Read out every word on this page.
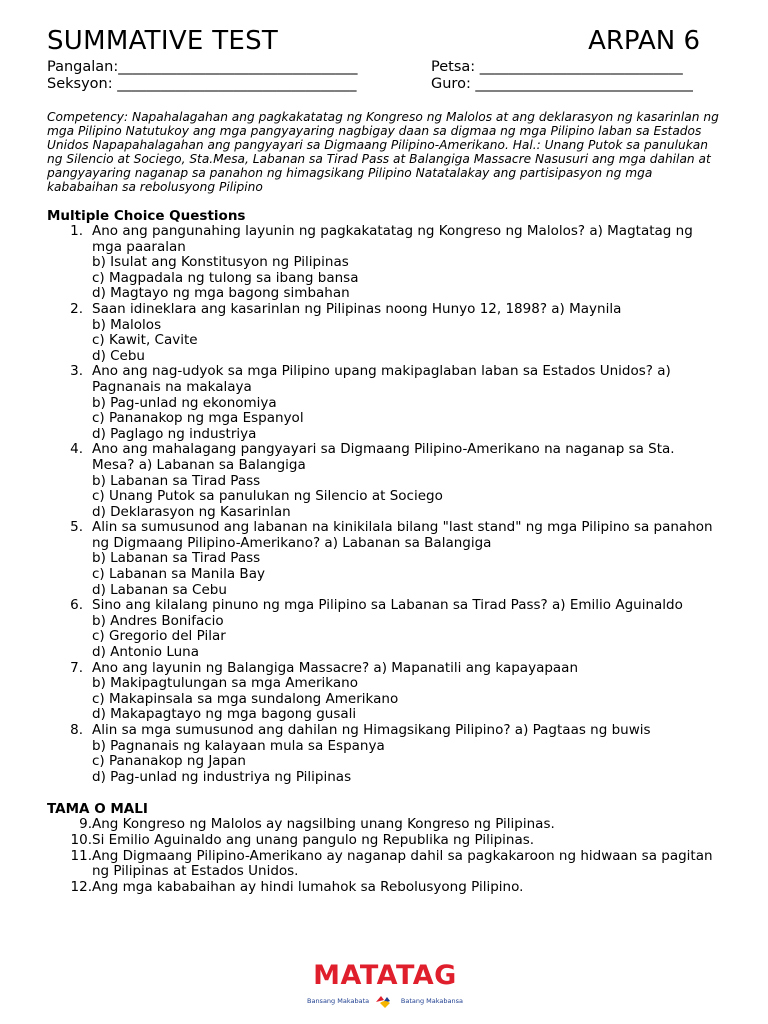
SUMMATIVE TEST	ARPAN 6
Pangalan:_________________________________	Petsa: ____________________________
Seksyon: _________________________________	Guro: ______________________________
Competency: Napahalagahan ang pagkakatatag ng Kongreso ng Malolos at ang deklarasyon ng kasarinlan ng mga Pilipino Natutukoy ang mga pangyayaring nagbigay daan sa digmaa ng mga Pilipino laban sa Estados Unidos Napapahalagahan ang pangyayari sa Digmaang Pilipino-Amerikano. Hal.: Unang Putok sa panulukan ng Silencio at Sociego, Sta.Mesa, Labanan sa Tirad Pass at Balangiga Massacre Nasusuri ang mga dahilan at pangyayaring naganap sa panahon ng himagsikang Pilipino Natatalakay ang partisipasyon ng mga kababaihan sa rebolusyong Pilipino
Multiple Choice Questions
1. Ano ang pangunahing layunin ng pagkakatatag ng Kongreso ng Malolos? a) Magtatag ng mga paaralan
b) Isulat ang Konstitusyon ng Pilipinas
c) Magpadala ng tulong sa ibang bansa
d) Magtayo ng mga bagong simbahan
2. Saan idineklara ang kasarinlan ng Pilipinas noong Hunyo 12, 1898? a) Maynila
b) Malolos
c) Kawit, Cavite
d) Cebu
3. Ano ang nag-udyok sa mga Pilipino upang makipaglaban laban sa Estados Unidos? a) Pagnanais na makalaya
b) Pag-unlad ng ekonomiya
c) Pananakop ng mga Espanyol
d) Paglago ng industriya
4. Ano ang mahalagang pangyayari sa Digmaang Pilipino-Amerikano na naganap sa Sta. Mesa? a) Labanan sa Balangiga
b) Labanan sa Tirad Pass
c) Unang Putok sa panulukan ng Silencio at Sociego
d) Deklarasyon ng Kasarinlan
5. Alin sa sumusunod ang labanan na kinikilala bilang "last stand" ng mga Pilipino sa panahon ng Digmaang Pilipino-Amerikano? a) Labanan sa Balangiga
b) Labanan sa Tirad Pass
c) Labanan sa Manila Bay
d) Labanan sa Cebu
6. Sino ang kilalang pinuno ng mga Pilipino sa Labanan sa Tirad Pass? a) Emilio Aguinaldo
b) Andres Bonifacio
c) Gregorio del Pilar
d) Antonio Luna
7. Ano ang layunin ng Balangiga Massacre? a) Mapanatili ang kapayapaan
b) Makipagtulungan sa mga Amerikano
c) Makapinsala sa mga sundalong Amerikano
d) Makapagtayo ng mga bagong gusali
8. Alin sa mga sumusunod ang dahilan ng Himagsikang Pilipino? a) Pagtaas ng buwis
b) Pagnanais ng kalayaan mula sa Espanya
c) Pananakop ng Japan
d) Pag-unlad ng industriya ng Pilipinas
TAMA O MALI
9. Ang Kongreso ng Malolos ay nagsilbing unang Kongreso ng Pilipinas.
10. Si Emilio Aguinaldo ang unang pangulo ng Republika ng Pilipinas.
11. Ang Digmaang Pilipino-Amerikano ay naganap dahil sa pagkakaroon ng hidwaan sa pagitan ng Pilipinas at Estados Unidos.
12. Ang mga kababaihan ay hindi lumahok sa Rebolusyong Pilipino.
MATATAG
Bansang Makabata	Batang Makabansa
